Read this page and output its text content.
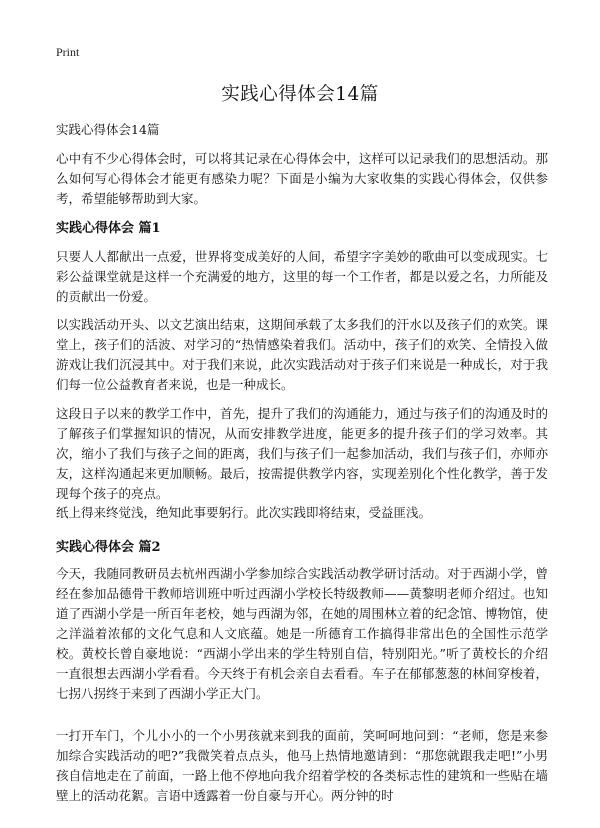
Print
实践心得体会14篇

实践心得体会14篇

心中有不少心得体会时，可以将其记录在心得体会中，这样可以记录我们的思想活动。那么如何写心得体会才能更有感染力呢？下面是小编为大家收集的实践心得体会，仅供参考，希望能够帮助到大家。

实践心得体会 篇1

只要人人都献出一点爱，世界将变成美好的人间，希望字字美妙的歌曲可以变成现实。七彩公益课堂就是这样一个充满爱的地方，这里的每一个工作者，都是以爱之名，力所能及的贡献出一份爱。

以实践活动开头、以文艺演出结束，这期间承载了太多我们的汗水以及孩子们的欢笑。课堂上，孩子们的活波、对学习的“热情感染着我们。活动中，孩子们的欢笑、全情投入做游戏让我们沉浸其中。对于我们来说，此次实践活动对于孩子们来说是一种成长，对于我们每一位公益教育者来说，也是一种成长。

这段日子以来的教学工作中，首先，提升了我们的沟通能力，通过与孩子们的沟通及时的了解孩子们掌握知识的情况，从而安排教学进度，能更多的提升孩子们的学习效率。其次，缩小了我们与孩子之间的距离，我们与孩子们一起参加活动，我们与孩子们，亦师亦友，这样沟通起来更加顺畅。最后，按需提供教学内容，实现差别化个性化教学，善于发现每个孩子的亮点。

纸上得来终觉浅，绝知此事要躬行。此次实践即将结束，受益匪浅。

实践心得体会 篇2

今天，我随同教研员去杭州西湖小学参加综合实践活动教学研讨活动。对于西湖小学，曾经在参加品德骨干教师培训班中听过西湖小学校长特级教师——黄黎明老师介绍过。也知道了西湖小学是一所百年老校，她与西湖为邻，在她的周围林立着的纪念馆、博物馆，使之洋溢着浓郁的文化气息和人文底蕴。她是一所德育工作搞得非常出色的全国性示范学校。黄校长曾自豪地说：“西湖小学出来的学生特别自信，特别阳光。”听了黄校长的介绍一直很想去西湖小学看看。今天终于有机会亲自去看看。车子在郁郁葱葱的林间穿梭着，七拐八拐终于来到了西湖小学正大门。

一打开车门，个儿小小的一个小男孩就来到我的面前，笑呵呵地问到：“老师，您是来参加综合实践活动的吧?”我微笑着点点头，他马上热情地邀请到：“那您就跟我走吧!”小男孩自信地走在了前面，一路上他不停地向我介绍着学校的各类标志性的建筑和一些贴在墙壁上的活动花絮。言语中透露着一份自豪与开心。两分钟的时
